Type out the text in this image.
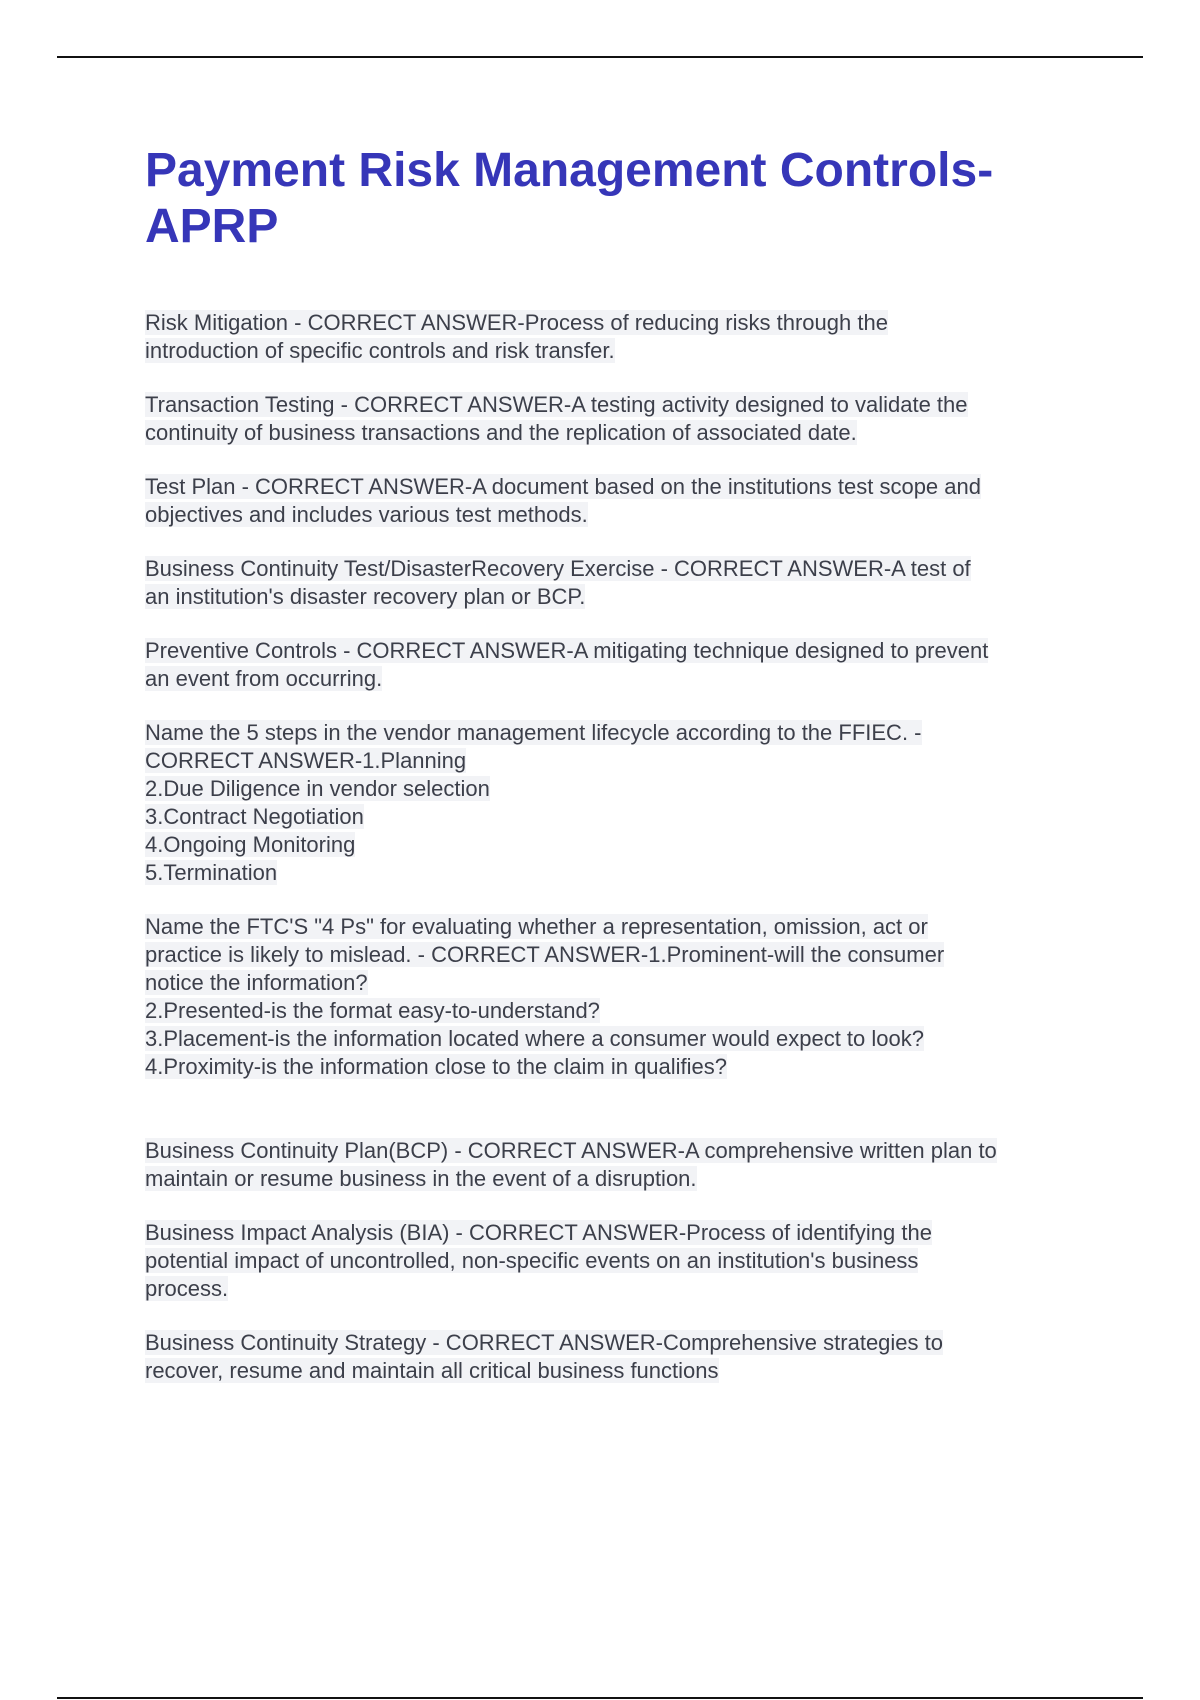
Payment Risk Management Controls-
APRP
Risk Mitigation - CORRECT ANSWER-Process of reducing risks through the
introduction of specific controls and risk transfer.
Transaction Testing - CORRECT ANSWER-A testing activity designed to validate the
continuity of business transactions and the replication of associated date.
Test Plan - CORRECT ANSWER-A document based on the institutions test scope and
objectives and includes various test methods.
Business Continuity Test/DisasterRecovery Exercise - CORRECT ANSWER-A test of
an institution's disaster recovery plan or BCP.
Preventive Controls - CORRECT ANSWER-A mitigating technique designed to prevent
an event from occurring.
Name the 5 steps in the vendor management lifecycle according to the FFIEC. -
CORRECT ANSWER-1.Planning
2.Due Diligence in vendor selection
3.Contract Negotiation
4.Ongoing Monitoring
5.Termination
Name the FTC'S "4 Ps" for evaluating whether a representation, omission, act or
practice is likely to mislead. - CORRECT ANSWER-1.Prominent-will the consumer
notice the information?
2.Presented-is the format easy-to-understand?
3.Placement-is the information located where a consumer would expect to look?
4.Proximity-is the information close to the claim in qualifies?
Business Continuity Plan(BCP) - CORRECT ANSWER-A comprehensive written plan to
maintain or resume business in the event of a disruption.
Business Impact Analysis (BIA) - CORRECT ANSWER-Process of identifying the
potential impact of uncontrolled, non-specific events on an institution's business
process.
Business Continuity Strategy - CORRECT ANSWER-Comprehensive strategies to
recover, resume and maintain all critical business functions
